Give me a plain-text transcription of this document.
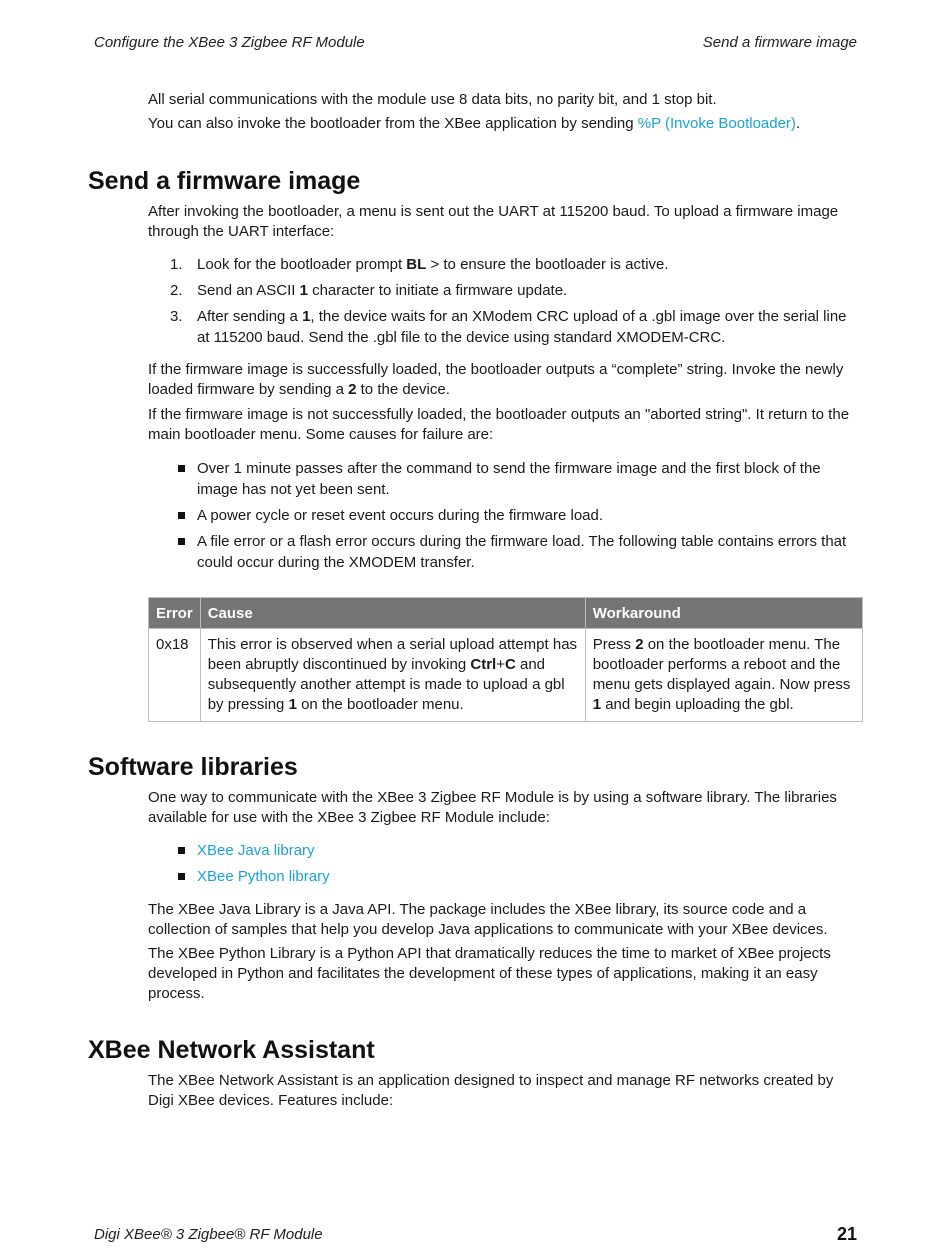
Configure the XBee 3 Zigbee RF Module	Send a firmware image

All serial communications with the module use 8 data bits, no parity bit, and 1 stop bit.

You can also invoke the bootloader from the XBee application by sending %P (Invoke Bootloader).

Send a firmware image

After invoking the bootloader, a menu is sent out the UART at 115200 baud. To upload a firmware image through the UART interface:

1. Look for the bootloader prompt BL > to ensure the bootloader is active.
2. Send an ASCII 1 character to initiate a firmware update.
3. After sending a 1, the device waits for an XModem CRC upload of a .gbl image over the serial line at 115200 baud. Send the .gbl file to the device using standard XMODEM-CRC.

If the firmware image is successfully loaded, the bootloader outputs a “complete” string. Invoke the newly loaded firmware by sending a 2 to the device.

If the firmware image is not successfully loaded, the bootloader outputs an "aborted string". It return to the main bootloader menu. Some causes for failure are:

Over 1 minute passes after the command to send the firmware image and the first block of the image has not yet been sent.
A power cycle or reset event occurs during the firmware load.
A file error or a flash error occurs during the firmware load. The following table contains errors that could occur during the XMODEM transfer.
Error	Cause	Workaround
0x18	This error is observed when a serial upload attempt has been abruptly discontinued by invoking Ctrl+C and subsequently another attempt is made to upload a gbl by pressing 1 on the bootloader menu.	Press 2 on the bootloader menu. The bootloader performs a reboot and the menu gets displayed again. Now press 1 and begin uploading the gbl.
Software libraries

One way to communicate with the XBee 3 Zigbee RF Module is by using a software library. The libraries available for use with the XBee 3 Zigbee RF Module include:

XBee Java library
XBee Python library

The XBee Java Library is a Java API. The package includes the XBee library, its source code and a collection of samples that help you develop Java applications to communicate with your XBee devices.

The XBee Python Library is a Python API that dramatically reduces the time to market of XBee projects developed in Python and facilitates the development of these types of applications, making it an easy process.

XBee Network Assistant

The XBee Network Assistant is an application designed to inspect and manage RF networks created by Digi XBee devices. Features include:

Digi XBee® 3 Zigbee® RF Module	21
